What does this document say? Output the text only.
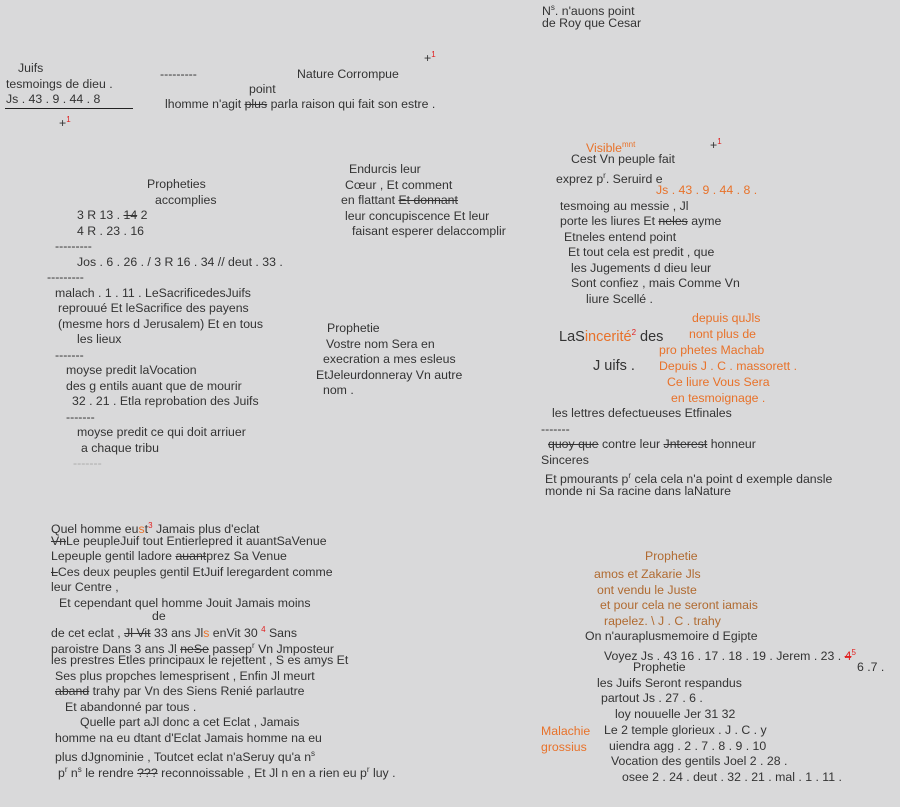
$N^s$. n'auons point
de Roy que Cesar
Juifs
tesmoings de dieu .
Js . 43 . 9 . 44 . 8
+$^1$
---------	Nature Corrompue
+$^1$
point
lhomme n'agit plus parla raison qui fait son estre .
Propheties
accomplies
3 R 13 . 14 2
4 R . 23 . 16
---------
Jos . 6 . 26 . / 3 R 16 . 34 // deut . 33 .
---------
malach . 1 . 11 . LeSacrificedesJuifs
reprouué Et leSacrifice des payens
(mesme hors d Jerusalem) Et en tous
les lieux
-------
moyse predit laVocation
des g entils auant que de mourir
32 . 21 . Etla reprobation des Juifs
-------
moyse predit ce qui doit arriuer
a chaque tribu
-------
Endurcis leur
Cœur , Et comment
en flattant Et donnant
leur concupiscence Et leur
faisant esperer delaccomplir
Prophetie
Vostre nom Sera en
execration a mes esleus
EtJeleurdonneray Vn autre
nom .
Visible$^{mnt}$	+$^1$
Cest Vn peuple fait
exprez $p^r$. Seruird e
Js . 43 . 9 . 44 . 8 .
tesmoing au messie , Jl
porte les liures Et neles ayme
Etneles entend point
Et tout cela est predit , que
les Jugements d dieu leur
Sont confiez , mais Comme Vn
liure Scellé .
LaSincerité$^2$ des
J uifs .
depuis quJls
nont plus de
pro phetes Machab
Depuis J . C . massorett .
Ce liure Vous Sera
en tesmoignage .
les lettres defectueuses Etfinales
-------
quoy que contre leur Jnterest honneur
Sinceres
Et pmourants $p^r$ cela cela n'a point d exemple dansle
monde ni Sa racine dans laNature
Quel homme eust$^3$ Jamais plus d'eclat
VnLe peupleJuif tout Entierlepred it auantSaVenue
Lepeuple gentil ladore auantprez Sa Venue
LCes deux peuples gentil EtJuif leregardent comme
leur Centre ,
Et cependant quel homme Jouit Jamais moins
de
de cet eclat , Jl Vit 33 ans Jls enVit 30 $^4$ Sans
paroistre Dans 3 ans Jl neSe passep$^r$ Vn Jmposteur
les prestres Etles principaux le rejettent , S es amys Et
Ses plus propches lemesprisent , Enfin Jl meurt
aband trahy par Vn des Siens Renié parlautre
Et abandonné par tous .
Quelle part aJl donc a cet Eclat , Jamais
homme na eu dtant d'Eclat Jamais homme na eu
plus dJgnominie , Toutcet eclat n'aSeruy qu'a $n^s$
$p^r$ $n^s$ le rendre ??? reconnoissable , Et Jl n en a rien eu $p^r$ luy .
Prophetie
amos et Zakarie Jls
ont vendu le Juste
et pour cela ne seront iamais
rapelez. \ J . C . trahy
On n'auraplusmemoire d Egipte
Voyez Js . 43 16 . 17 . 18 . 19 . Jerem . 23 . $4^5$
Prophetie	6 .7 .
les Juifs Seront respandus
partout Js . 27 . 6 .
loy nouuelle Jer 31 32
Malachie
grossius
Le 2 temple glorieux . J . C . y
uiendra agg . 2 . 7 . 8 . 9 . 10
Vocation des gentils Joel 2 . 28 .
osee 2 . 24 . deut . 32 . 21 . mal . 1 . 11 .
